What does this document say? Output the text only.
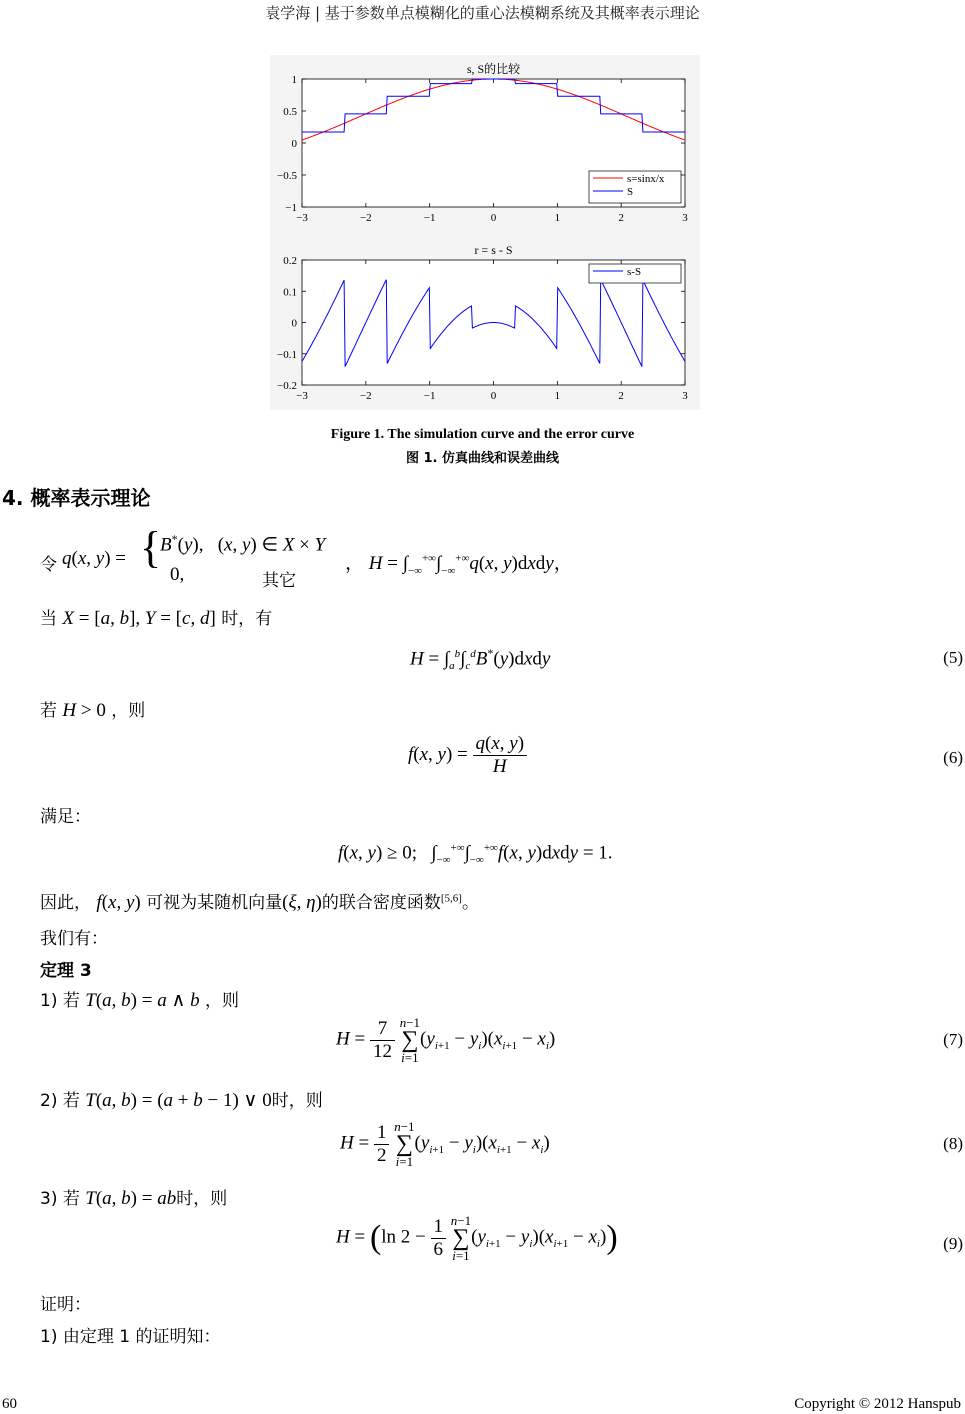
袁学海 | 基于参数单点模糊化的重心法模糊系统及其概率表示理论
s, S的比较
−3	−2	−1	0	1	2	3
1
0.5
0
−0.5
−1
s=sinx/x
S
r = s - S
−3	−2	−1	0	1	2	3
0.2
0.1
0
−0.1
−0.2
s-S
Figure 1. The simulation curve and the error curve
图 1. 仿真曲线和误差曲线
4. 概率表示理论
令 q(x, y) = {
B*(y),   (x, y) ∈ X × Y
0,	其它
， $H = \int_{-\infty}^{+\infty}\int_{-\infty}^{+\infty}q(x$, y)dxdy，
当 X = [a, b], Y = [c, d] 时，有
$H = \int_a^b\int_c^dB^*(y)dxdy$	(5)
若 H > 0 ，则
f(x, $y) = \frac{q(x, y)}{H}$	(6)
满足：
f(x, y) ≥ 0;   $\int_{-\infty}^{+\infty}\int_{-\infty}^{+\infty}f(x$, y)dxdy = 1.
因此， f(x, y) 可视为某随机向量(ξ, η)的联合密度函数[5,6]。
我们有：
定理 3
1) 若 T(a, b) = a ∧ b ，则
$H = \frac{7}{12}$
n−1
∑
i=1
$(y_{i+1} - y_i)(x_{i+1} - x_i)$	(7)
2) 若 T(a, b) = (a + b − 1) ∨ 0时，则
$H = \frac{1}{2}$
n−1
∑
i=1
$(y_{i+1} - y_i)(x_{i+1} - x_i)$	(8)
3) 若 T(a, b) = ab时，则
H = (ln $2 - \frac{1}{6}$
n−1
∑
i=1
$(y_{i+1} - y_i)(x_{i+1} - x_i)$)	(9)
证明：
1) 由定理 1 的证明知：
60	Copyright © 2012 Hanspub
